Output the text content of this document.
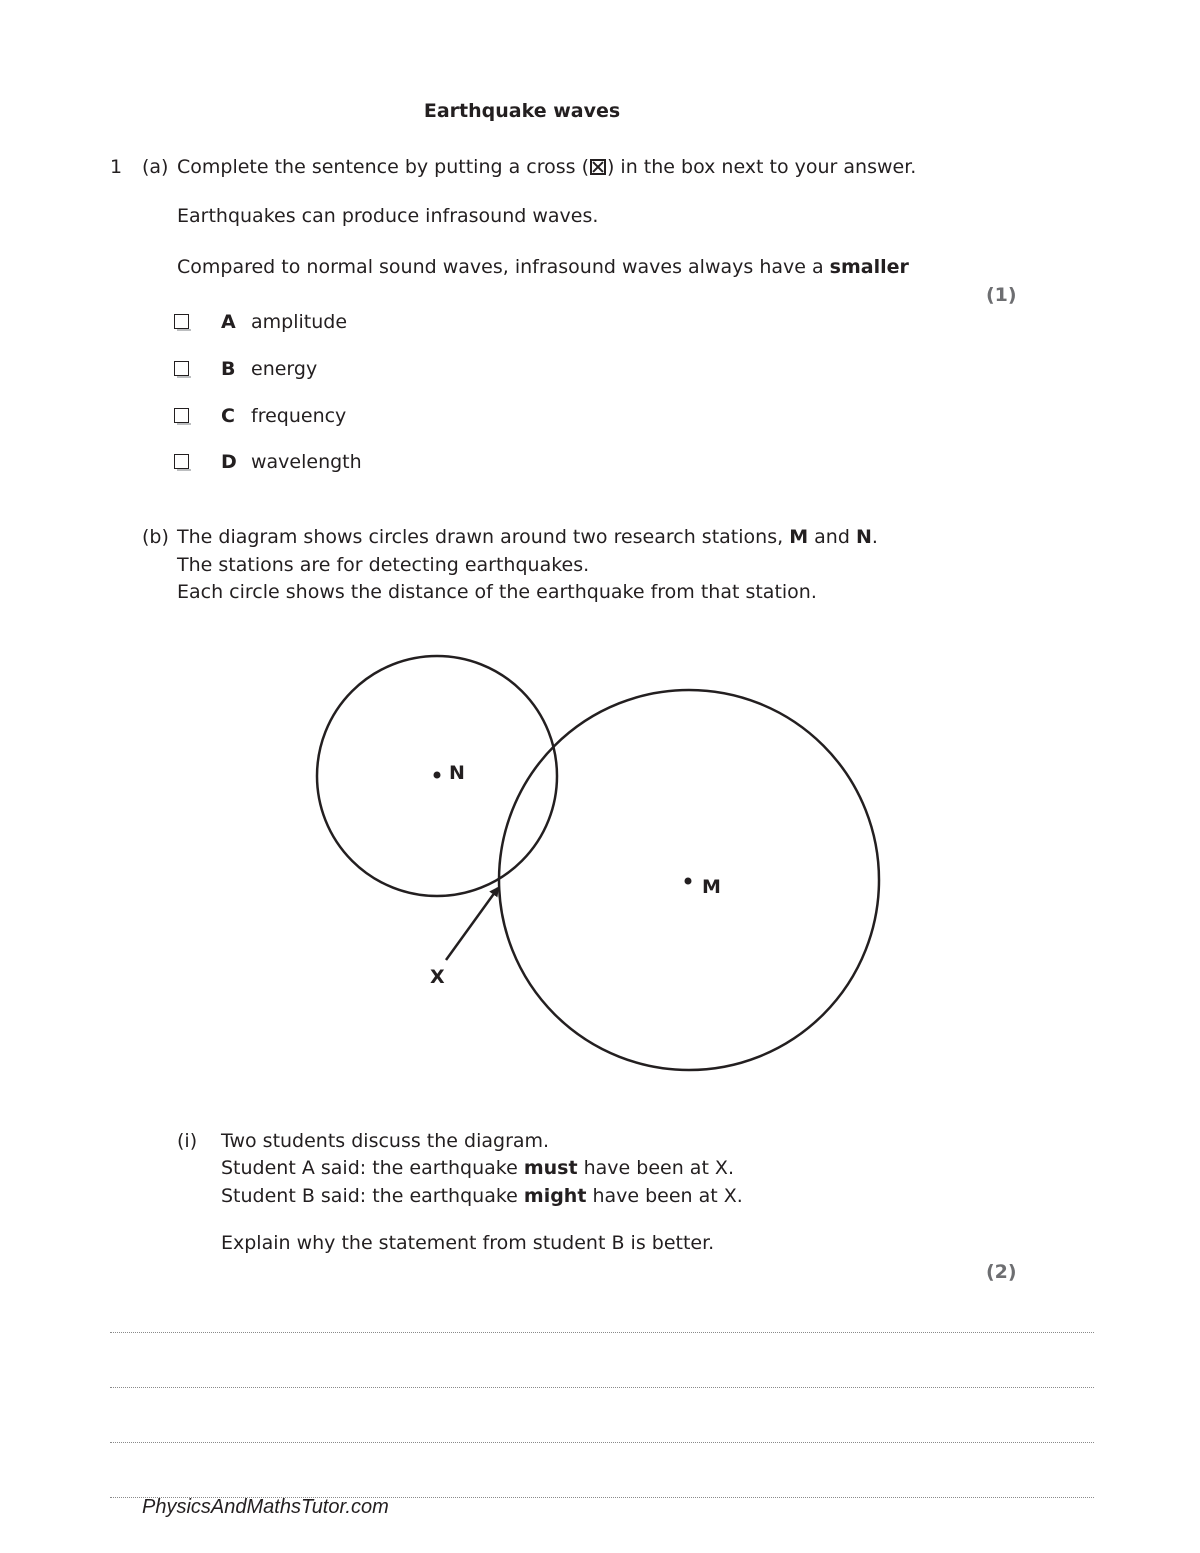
Earthquake waves
1 (a) Complete the sentence by putting a cross ( ) in the box next to your answer.
Earthquakes can produce infrasound waves.
Compared to normal sound waves, infrasound waves always have a smaller
(1)
A amplitude
B energy
C frequency
D wavelength
(b) The diagram shows circles drawn around two research stations, M and N.
The stations are for detecting earthquakes.
Each circle shows the distance of the earthquake from that station.
N
M
X
(i) Two students discuss the diagram.
Student A said: the earthquake must have been at X.
Student B said: the earthquake might have been at X.
Explain why the statement from student B is better.
(2)
PhysicsAndMathsTutor.com
